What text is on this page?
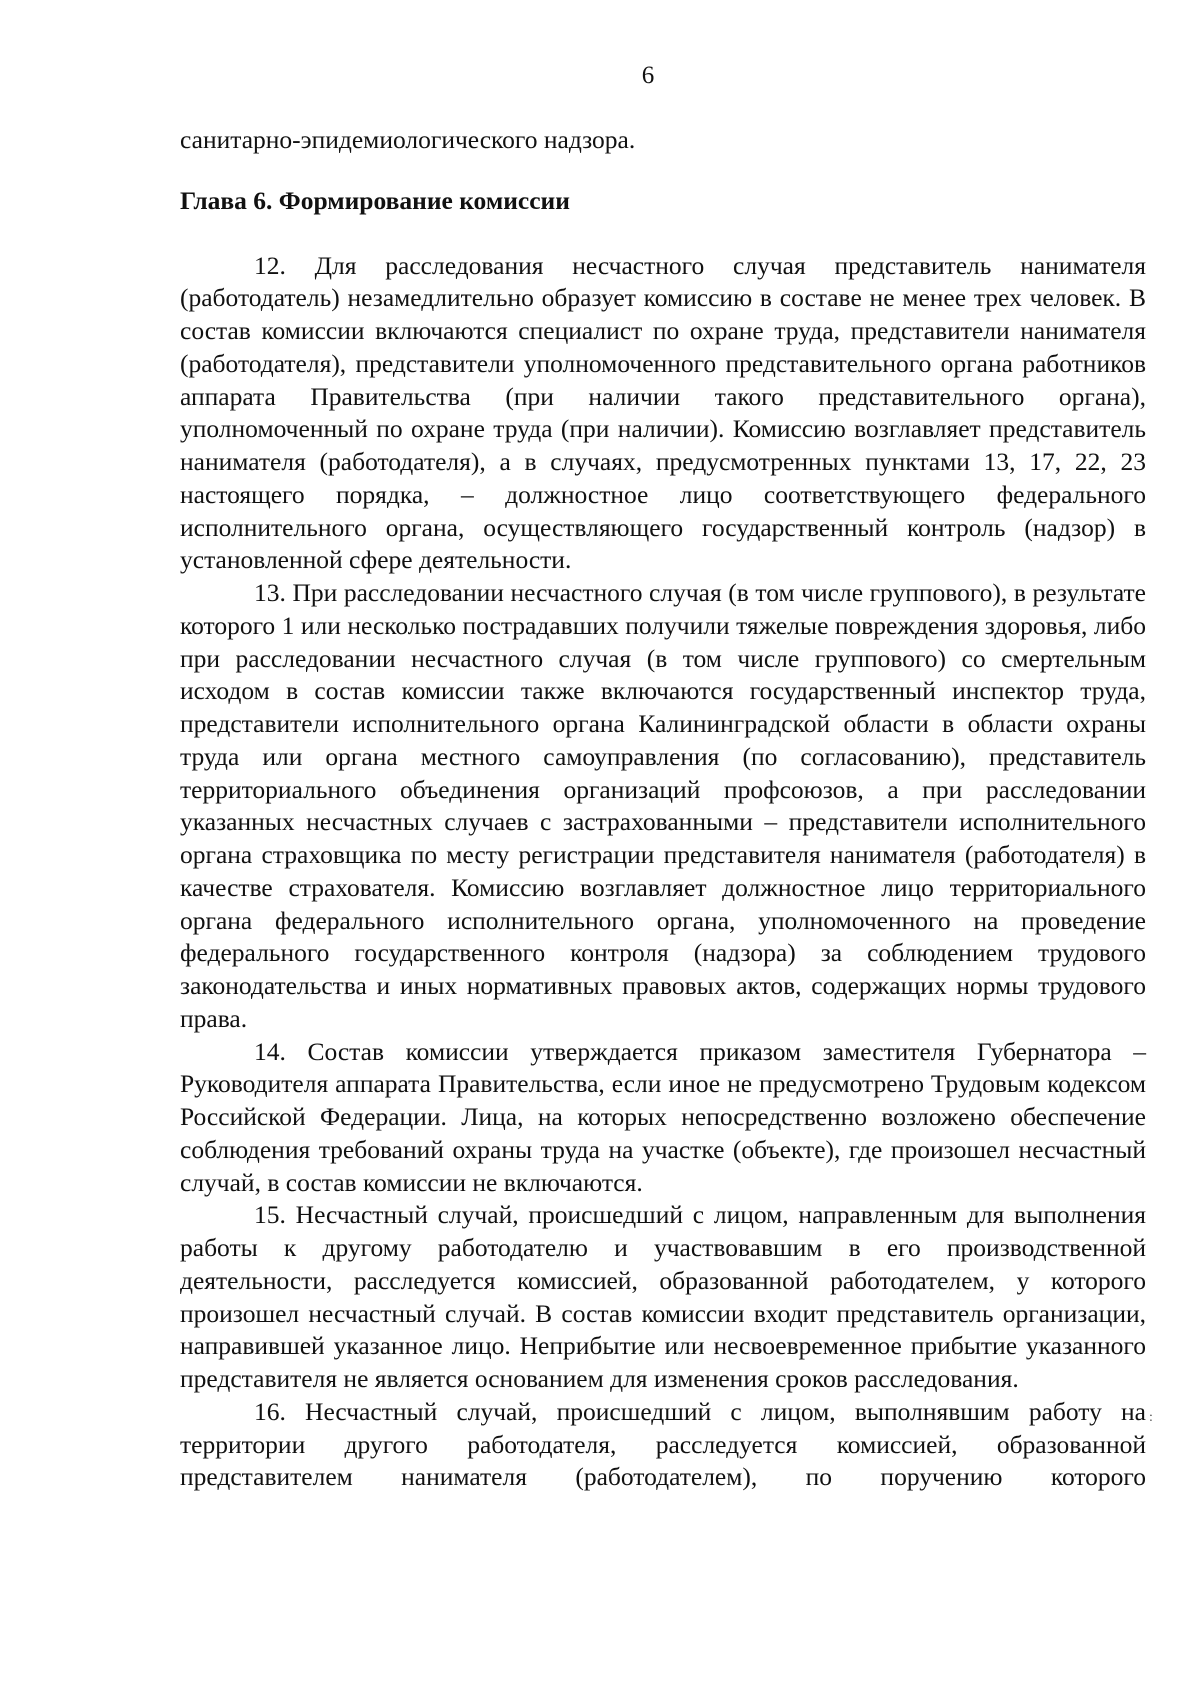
6

санитарно-эпидемиологического надзора.

Глава 6. Формирование комиссии

12. Для расследования несчастного случая представитель нанимателя (работодатель) незамедлительно образует комиссию в составе не менее трех человек. В состав комиссии включаются специалист по охране труда, представители нанимателя (работодателя), представители уполномоченного представительного органа работников аппарата Правительства (при наличии такого представительного органа), уполномоченный по охране труда (при наличии). Комиссию возглавляет представитель нанимателя (работодателя), а в случаях, предусмотренных пунктами 13, 17, 22, 23 настоящего порядка, – должностное лицо соответствующего федерального исполнительного органа, осуществляющего государственный контроль (надзор) в установленной сфере деятельности.

13. При расследовании несчастного случая (в том числе группового), в результате которого 1 или несколько пострадавших получили тяжелые повреждения здоровья, либо при расследовании несчастного случая (в том числе группового) со смертельным исходом в состав комиссии также включаются государственный инспектор труда, представители исполнительного органа Калининградской области в области охраны труда или органа местного самоуправления (по согласованию), представитель территориального объединения организаций профсоюзов, а при расследовании указанных несчастных случаев с застрахованными – представители исполнительного органа страховщика по месту регистрации представителя нанимателя (работодателя) в качестве страхователя. Комиссию возглавляет должностное лицо территориального органа федерального исполнительного органа, уполномоченного на проведение федерального государственного контроля (надзора) за соблюдением трудового законодательства и иных нормативных правовых актов, содержащих нормы трудового права.

14. Состав комиссии утверждается приказом заместителя Губернатора – Руководителя аппарата Правительства, если иное не предусмотрено Трудовым кодексом Российской Федерации. Лица, на которых непосредственно возложено обеспечение соблюдения требований охраны труда на участке (объекте), где произошел несчастный случай, в состав комиссии не включаются.

15. Несчастный случай, происшедший с лицом, направленным для выполнения работы к другому работодателю и участвовавшим в его производственной деятельности, расследуется комиссией, образованной работодателем, у которого произошел несчастный случай. В состав комиссии входит представитель организации, направившей указанное лицо. Неприбытие или несвоевременное прибытие указанного представителя не является основанием для изменения сроков расследования.

16. Несчастный случай, происшедший с лицом, выполнявшим работу на территории другого работодателя, расследуется комиссией, образованной представителем нанимателя (работодателем), по поручению которого

:
